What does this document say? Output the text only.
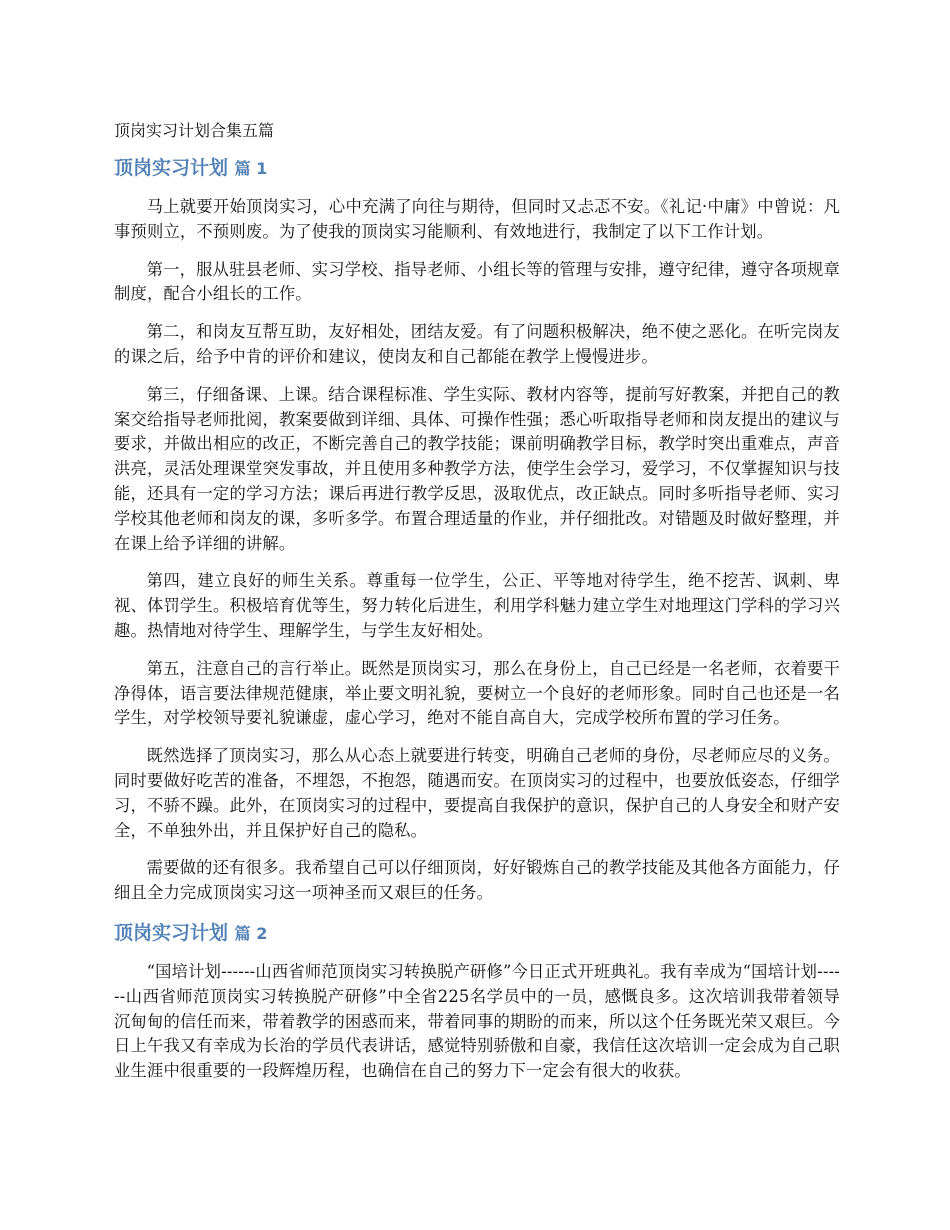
顶岗实习计划合集五篇
顶岗实习计划 篇 1

马上就要开始顶岗实习，心中充满了向往与期待，但同时又忐忑不安。《礼记·中庸》中曾说：凡事预则立，不预则废。为了使我的顶岗实习能顺利、有效地进行，我制定了以下工作计划。

第一，服从驻县老师、实习学校、指导老师、小组长等的管理与安排，遵守纪律，遵守各项规章制度，配合小组长的工作。

第二，和岗友互帮互助，友好相处，团结友爱。有了问题积极解决，绝不使之恶化。在听完岗友的课之后，给予中肯的评价和建议，使岗友和自己都能在教学上慢慢进步。

第三，仔细备课、上课。结合课程标准、学生实际、教材内容等，提前写好教案，并把自己的教案交给指导老师批阅，教案要做到详细、具体、可操作性强；悉心听取指导老师和岗友提出的建议与要求，并做出相应的改正，不断完善自己的教学技能；课前明确教学目标，教学时突出重难点，声音洪亮，灵活处理课堂突发事故，并且使用多种教学方法，使学生会学习，爱学习，不仅掌握知识与技能，还具有一定的学习方法；课后再进行教学反思，汲取优点，改正缺点。同时多听指导老师、实习学校其他老师和岗友的课，多听多学。布置合理适量的作业，并仔细批改。对错题及时做好整理，并在课上给予详细的讲解。

第四，建立良好的师生关系。尊重每一位学生，公正、平等地对待学生，绝不挖苦、讽刺、卑视、体罚学生。积极培育优等生，努力转化后进生，利用学科魅力建立学生对地理这门学科的学习兴趣。热情地对待学生、理解学生，与学生友好相处。

第五，注意自己的言行举止。既然是顶岗实习，那么在身份上，自己已经是一名老师，衣着要干净得体，语言要法律规范健康，举止要文明礼貌，要树立一个良好的老师形象。同时自己也还是一名学生，对学校领导要礼貌谦虚，虚心学习，绝对不能自高自大，完成学校所布置的学习任务。

既然选择了顶岗实习，那么从心态上就要进行转变，明确自己老师的身份，尽老师应尽的义务。同时要做好吃苦的准备，不埋怨，不抱怨，随遇而安。在顶岗实习的过程中，也要放低姿态，仔细学习，不骄不躁。此外，在顶岗实习的过程中，要提高自我保护的意识，保护自己的人身安全和财产安全，不单独外出，并且保护好自己的隐私。

需要做的还有很多。我希望自己可以仔细顶岗，好好锻炼自己的教学技能及其他各方面能力，仔细且全力完成顶岗实习这一项神圣而又艰巨的任务。

顶岗实习计划 篇 2

“国培计划------山西省师范顶岗实习转换脱产研修”今日正式开班典礼。我有幸成为“国培计划------山西省师范顶岗实习转换脱产研修”中全省225名学员中的一员，感慨良多。这次培训我带着领导沉甸甸的信任而来，带着教学的困惑而来，带着同事的期盼的而来，所以这个任务既光荣又艰巨。今日上午我又有幸成为长治的学员代表讲话，感觉特别骄傲和自豪，我信任这次培训一定会成为自己职业生涯中很重要的一段辉煌历程，也确信在自己的努力下一定会有很大的收获。
